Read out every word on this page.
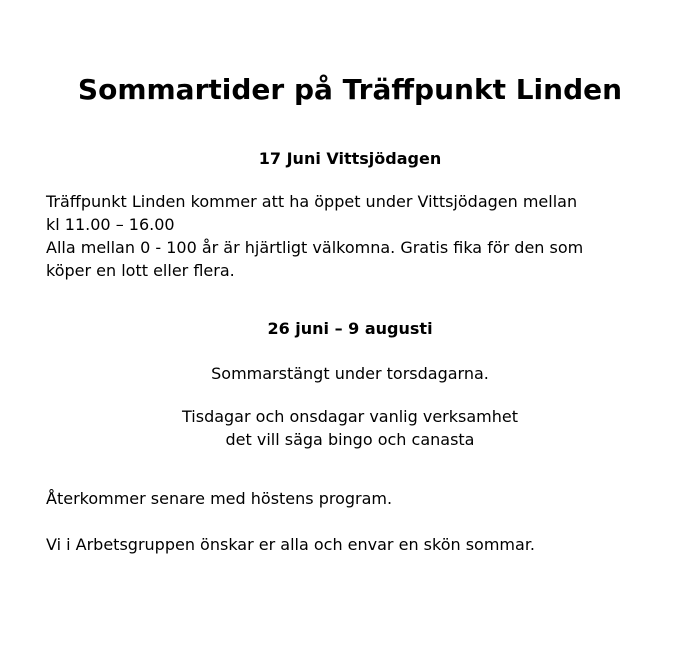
Sommartider på Träffpunkt Linden
17 Juni Vittsjödagen

Träffpunkt Linden kommer att ha öppet under Vittsjödagen mellan
kl 11.00 – 16.00
Alla mellan 0 - 100 år är hjärtligt välkomna. Gratis fika för den som
köper en lott eller flera.

26 juni – 9 augusti

Sommarstängt under torsdagarna.

Tisdagar och onsdagar vanlig verksamhet
det vill säga bingo och canasta

Återkommer senare med höstens program.

Vi i Arbetsgruppen önskar er alla och envar en skön sommar.
